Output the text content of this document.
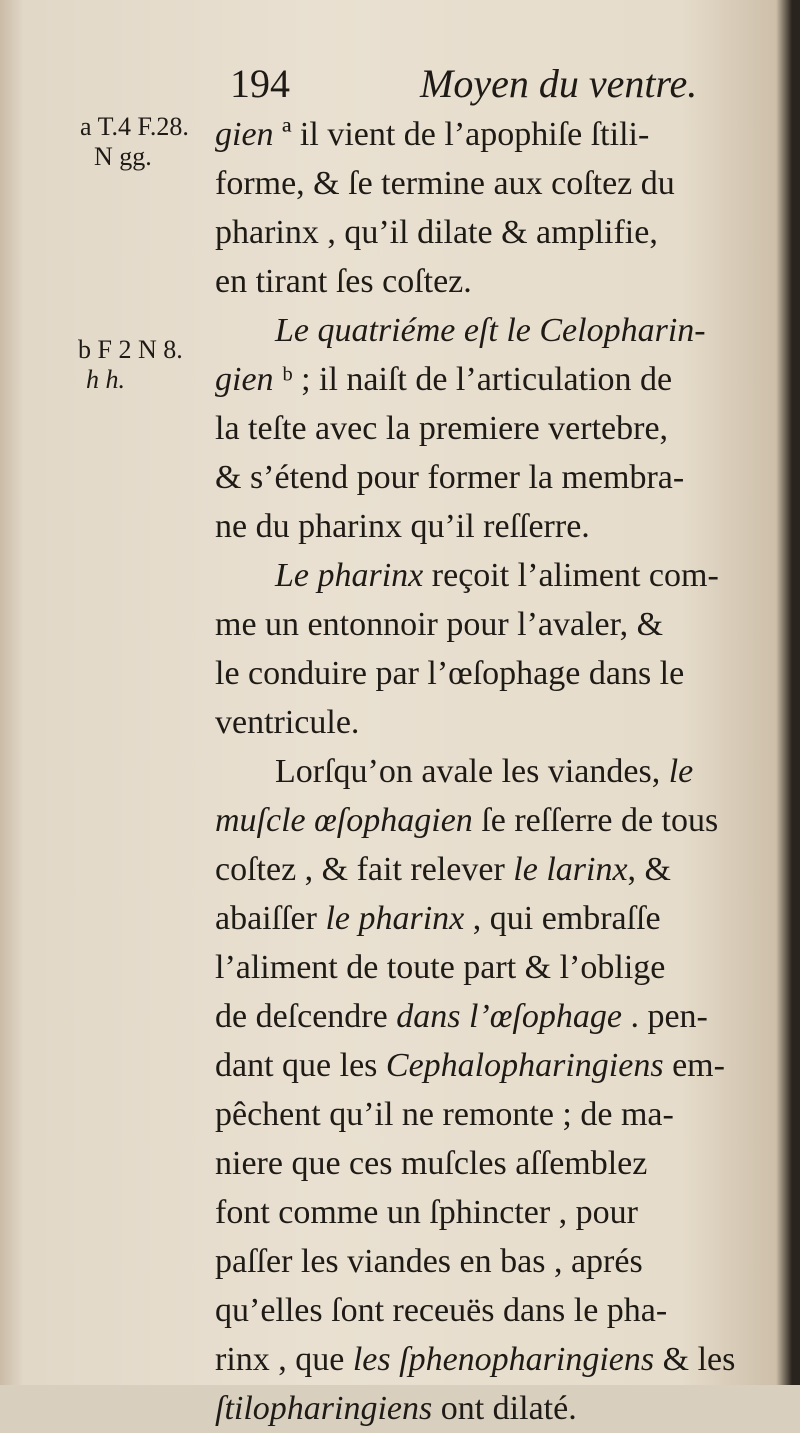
194	Moyen du ventre.
a T.4 F.28.
N gg.
b F 2 N 8.
h h.
gien ª il vient de l’apophiſe ſtili-
forme, & ſe termine aux coſtez du
pharinx , qu’il dilate & amplifie,
en tirant ſes coſtez.
Le quatriéme eſt le Celopharin-
gien ᵇ ; il naiſt de l’articulation de
la teſte avec la premiere vertebre,
& s’étend pour former la membra-
ne du pharinx qu’il reſſerre.
Le pharinx reçoit l’aliment com-
me un entonnoir pour l’avaler, &
le conduire par l’œſophage dans le
ventricule.
Lorſqu’on avale les viandes, le
muſcle œſophagien ſe reſſerre de tous
coſtez , & fait relever le larinx, &
abaiſſer le pharinx , qui embraſſe
l’aliment de toute part & l’oblige
de deſcendre dans l’œſophage . pen-
dant que les Cephalopharingiens em-
pêchent qu’il ne remonte ; de ma-
niere que ces muſcles aſſemblez
font comme un ſphincter , pour
paſſer les viandes en bas , aprés
qu’elles ſont receuës dans le pha-
rinx , que les ſphenopharingiens & les
ſtilopharingiens ont dilaté.
